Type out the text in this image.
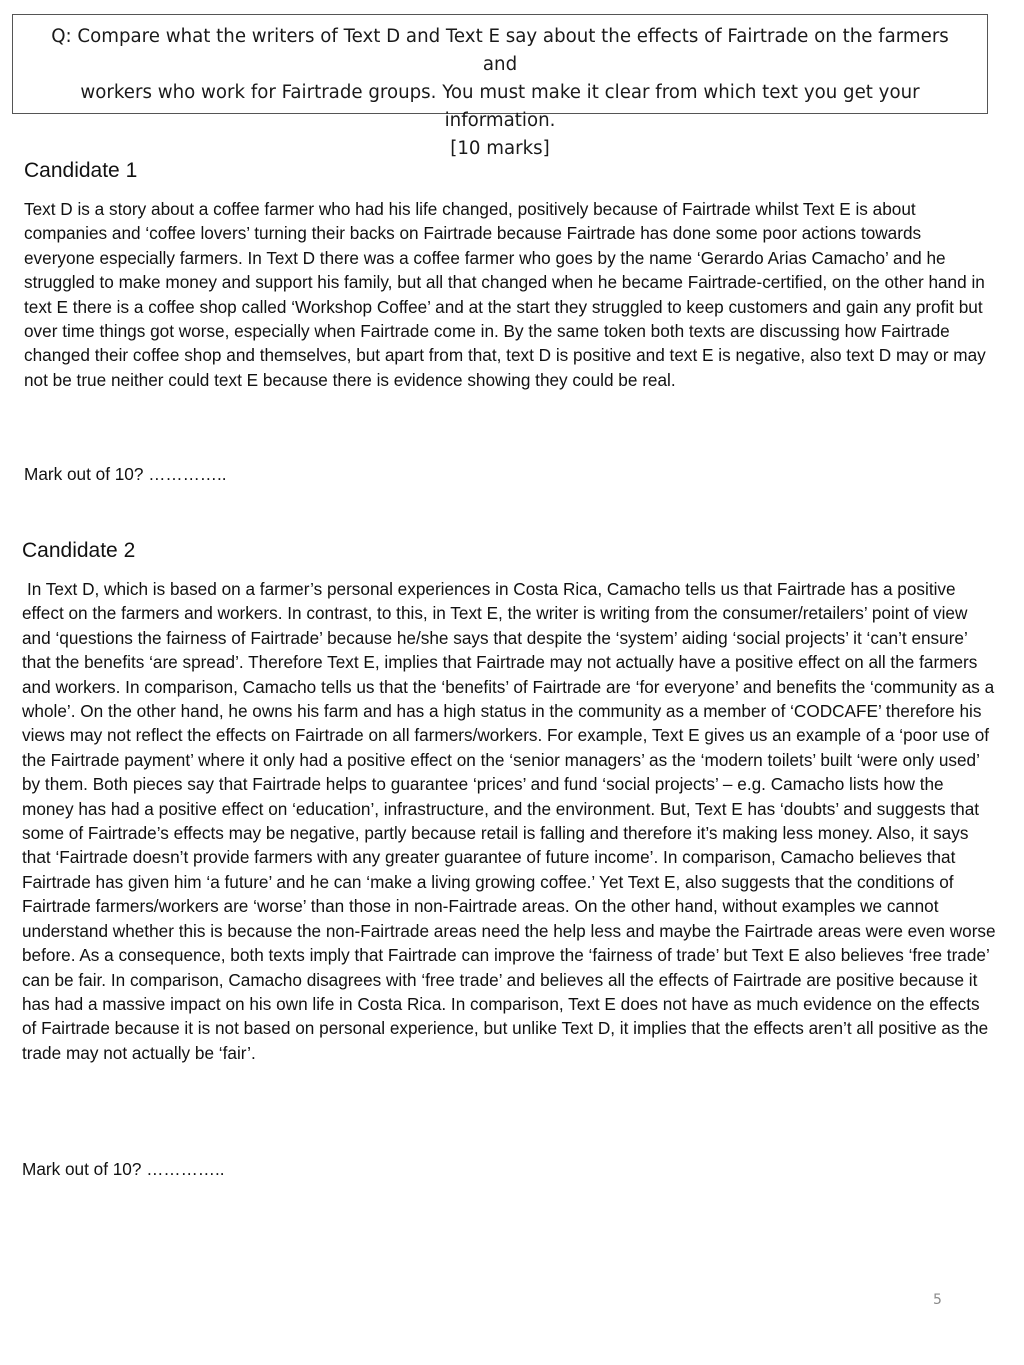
Q: Compare what the writers of Text D and Text E say about the effects of Fairtrade on the farmers and

workers who work for Fairtrade groups. You must make it clear from which text you get your information.

[10 marks]

Candidate 1

Text D is a story about a coffee farmer who had his life changed, positively because of Fairtrade whilst Text E is about companies and ‘coffee lovers’ turning their backs on Fairtrade because Fairtrade has done some poor actions towards everyone especially farmers. In Text D there was a coffee farmer who goes by the name ‘Gerardo Arias Camacho’ and he struggled to make money and support his family, but all that changed when he became Fairtrade-certified, on the other hand in text E there is a coffee shop called ‘Workshop Coffee’ and at the start they struggled to keep customers and gain any profit but over time things got worse, especially when Fairtrade come in. By the same token both texts are discussing how Fairtrade changed their coffee shop and themselves, but apart from that, text D is positive and text E is negative, also text D may or may not be true neither could text E because there is evidence showing they could be real.

Mark out of 10? …………..
Candidate 2

In Text D, which is based on a farmer’s personal experiences in Costa Rica, Camacho tells us that Fairtrade has a positive effect on the farmers and workers. In contrast, to this, in Text E, the writer is writing from the consumer/retailers’ point of view and ‘questions the fairness of Fairtrade’ because he/she says that despite the ‘system’ aiding ‘social projects’ it ‘can’t ensure’ that the benefits ‘are spread’. Therefore Text E, implies that Fairtrade may not actually have a positive effect on all the farmers and workers. In comparison, Camacho tells us that the ‘benefits’ of Fairtrade are ‘for everyone’ and benefits the ‘community as a whole’. On the other hand, he owns his farm and has a high status in the community as a member of ‘CODCAFE’ therefore his views may not reflect the effects on Fairtrade on all farmers/workers. For example, Text E gives us an example of a ‘poor use of the Fairtrade payment’ where it only had a positive effect on the ‘senior managers’ as the ‘modern toilets’ built ‘were only used’ by them. Both pieces say that Fairtrade helps to guarantee ‘prices’ and fund ‘social projects’ – e.g. Camacho lists how the money has had a positive effect on ‘education’, infrastructure, and the environment. But, Text E has ‘doubts’ and suggests that some of Fairtrade’s effects may be negative, partly because retail is falling and therefore it’s making less money. Also, it says that ‘Fairtrade doesn’t provide farmers with any greater guarantee of future income’. In comparison, Camacho believes that Fairtrade has given him ‘a future’ and he can ‘make a living growing coffee.’ Yet Text E, also suggests that the conditions of Fairtrade farmers/workers are ‘worse’ than those in non-Fairtrade areas. On the other hand, without examples we cannot understand whether this is because the non-Fairtrade areas need the help less and maybe the Fairtrade areas were even worse before. As a consequence, both texts imply that Fairtrade can improve the ‘fairness of trade’ but Text E also believes ‘free trade’ can be fair. In comparison, Camacho disagrees with ‘free trade’ and believes all the effects of Fairtrade are positive because it has had a massive impact on his own life in Costa Rica. In comparison, Text E does not have as much evidence on the effects of Fairtrade because it is not based on personal experience, but unlike Text D, it implies that the effects aren’t all positive as the trade may not actually be ‘fair’.

Mark out of 10? …………..
5
